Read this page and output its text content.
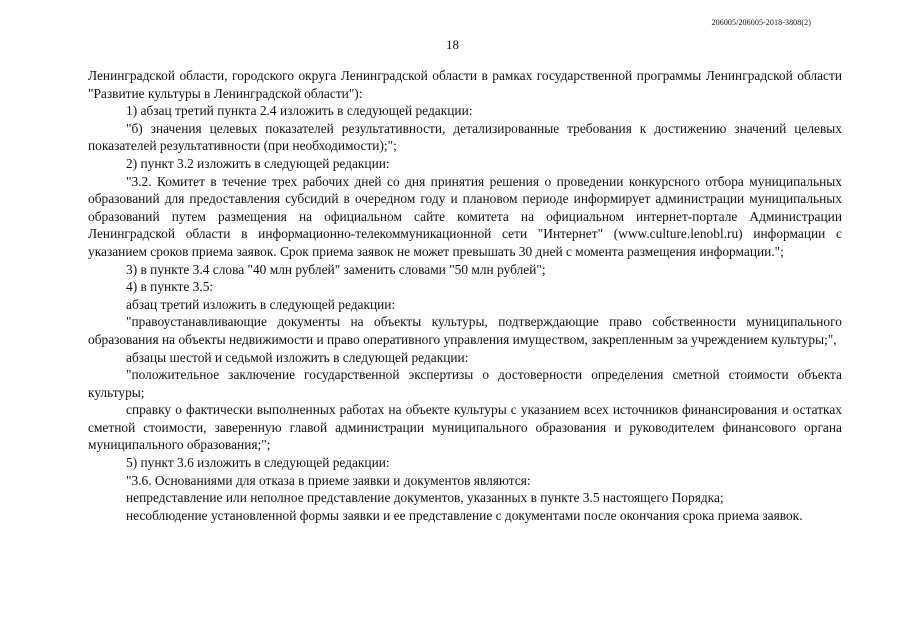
206005/206005-2018-3808(2)
18

Ленинградской области, городского округа Ленинградской области в рамках государственной программы Ленинградской области "Развитие культуры в Ленинградской области"):

1) абзац третий пункта 2.4 изложить в следующей редакции:

"б) значения целевых показателей результативности, детализированные требования к достижению значений целевых показателей результативности (при необходимости);";

2) пункт 3.2 изложить в следующей редакции:

"3.2. Комитет в течение трех рабочих дней со дня принятия решения о проведении конкурсного отбора муниципальных образований для предоставления субсидий в очередном году и плановом периоде информирует администрации муниципальных образований путем размещения на официальном сайте комитета на официальном интернет-портале Администрации Ленинградской области в информационно-телекоммуникационной сети "Интернет" (www.culture.lenobl.ru) информации с указанием сроков приема заявок. Срок приема заявок не может превышать 30 дней с момента размещения информации.";

3) в пункте 3.4 слова "40 млн рублей" заменить словами "50 млн рублей";

4) в пункте 3.5:

абзац третий изложить в следующей редакции:

"правоустанавливающие документы на объекты культуры, подтверждающие право собственности муниципального образования на объекты недвижимости и право оперативного управления имуществом, закрепленным за учреждением культуры;",

абзацы шестой и седьмой изложить в следующей редакции:

"положительное заключение государственной экспертизы о достоверности определения сметной стоимости объекта культуры;

справку о фактически выполненных работах на объекте культуры с указанием всех источников финансирования и остатках сметной стоимости, заверенную главой администрации муниципального образования и руководителем финансового органа муниципального образования;";

5) пункт 3.6 изложить в следующей редакции:

"3.6. Основаниями для отказа в приеме заявки и документов являются:

непредставление или неполное представление документов, указанных в пункте 3.5 настоящего Порядка;

несоблюдение установленной формы заявки и ее представление с документами после окончания срока приема заявок.
